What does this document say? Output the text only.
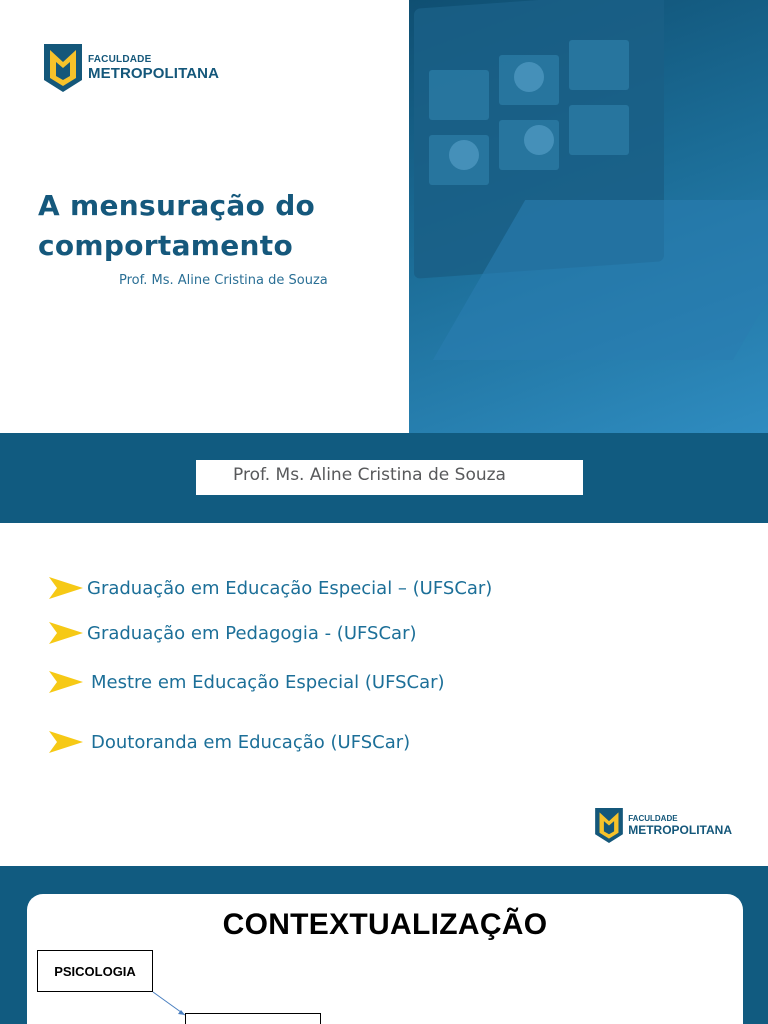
FACULDADE
METROPOLITANA
A mensuração do comportamento
Prof. Ms. Aline Cristina de Souza
Prof. Ms. Aline Cristina de Souza
Graduação em Educação Especial – (UFSCar)
Graduação em Pedagogia - (UFSCar)
Mestre em Educação Especial (UFSCar)
Doutoranda em Educação (UFSCar)
FACULDADE
METROPOLITANA
CONTEXTUALIZAÇÃO
PSICOLOGIA
